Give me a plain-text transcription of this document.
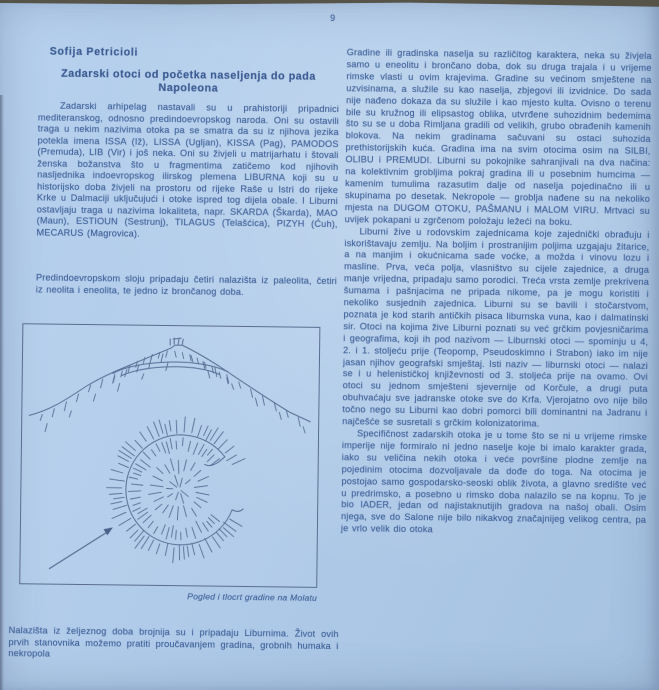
9
Sofija Petricioli
Zadarski otoci od početka naseljenja do pada Napoleona

Zadarski arhipelag nastavali su u prahistoriji pripadnici mediteranskog, odnosno predindoevropskog naroda. Oni su ostavili traga u nekim nazivima otoka pa se smatra da su iz njihova jezika potekla imena ISSA (Iž), LISSA (Ugljan), KISSA (Pag), PAMODOS (Premuda), LIB (Vir) i još neka. Oni su živjeli u matrijarhatu i štovali ženska božanstva što u fragmentima zatičemo kod njihovih nasljednika indoevropskog ilirskog plemena LIBURNA koji su u historijsko doba živjeli na prostoru od rijeke Raše u Istri do rijeke Krke u Dalmaciji uključujući i otoke ispred tog dijela obale. I Liburni ostavljaju traga u nazivima lokaliteta, napr. SKARDA (Škarda), MAO (Maun), ESTIOUN (Sestrunj), TILAGUS (Telašćica), PIZYH (Ćuh), MECARUS (Magrovica).

Predindoevropskom sloju pripadaju četiri nalazišta iz paleolita, četiri iz neolita i eneolita, te jedno iz brončanog doba.

Pogled i tlocrt gradine na Molatu

Nalazišta iz željeznog doba brojnija su i pripadaju Liburnima. Život ovih prvih stanovnika možemo pratiti proučavanjem gradina, grobnih humaka i nekropola

Gradine ili gradinska naselja su različitog karaktera, neka su živjela samo u eneolitu i brončano doba, dok su druga trajala i u vrijeme rimske vlasti u ovim krajevima. Gradine su većinom smještene na uzvisinama, a služile su kao naselja, zbjegovi ili izvidnice. Do sada nije nađeno dokaza da su služile i kao mjesto kulta. Ovisno o terenu bile su kružnog ili elipsastog oblika, utvrđene suhozidnim bedemima što su se u doba Rimljana gradili od velikih, grubo obrađenih kamenih blokova. Na nekim gradinama sačuvani su ostaci suhozida prethistorijskih kuća. Gradina ima na svim otocima osim na SILBI, OLIBU i PREMUDI. Liburni su pokojnike sahranjivali na dva načina: na kolektivnim grobljima pokraj gradina ili u posebnim humcima — kamenim tumulima razasutim dalje od naselja pojedinačno ili u skupinama po desetak. Nekropole — groblja nađene su na nekoliko mjesta na DUGOM OTOKU, PAŠMANU i MALOM VIRU. Mrtvaci su uvijek pokapani u zgrčenom položaju ležeći na boku.

Liburni žive u rodovskim zajednicama koje zajednički obrađuju i iskorištavaju zemlju. Na boljim i prostranijim poljima uzgajaju žitarice, a na manjim i okućnicama sade voćke, a možda i vinovu lozu i masline. Prva, veća polja, vlasništvo su cijele zajednice, a druga manje vrijedna, pripadaju samo porodici. Treća vrsta zemlje prekrivena šumama i pašnjacima ne pripada nikome, pa je mogu koristiti i nekoliko susjednih zajednica. Liburni su se bavili i stočarstvom, poznata je kod starih antičkih pisaca liburnska vuna, kao i dalmatinski sir. Otoci na kojima žive Liburni poznati su već grčkim povjesničarima i geografima, koji ih pod nazivom — Liburnski otoci — spominju u 4, 2. i 1. stoljeću prije (Teopomp, Pseudoskimno i Strabon) iako im nije jasan njihov geografski smještaj. Isti naziv — liburnski otoci — nalazi se i u helenističkoj književnosti od 3. stoljeća prije na ovamo. Ovi otoci su jednom smješteni sjevernije od Korčule, a drugi puta obuhvaćaju sve jadranske otoke sve do Krfa. Vjerojatno ovo nije bilo točno nego su Liburni kao dobri pomorci bili dominantni na Jadranu i najčešće se susretali s grčkim kolonizatorima.

Specifičnost zadarskih otoka je u tome što se ni u vrijeme rimske imperije nije formiralo ni jedno naselje koje bi imalo karakter grada, iako su veličina nekih otoka i veće površine plodne zemlje na pojedinim otocima dozvoljavale da dođe do toga. Na otocima je postojao samo gospodarsko-seoski oblik života, a glavno središte već u predrimsko, a posebno u rimsko doba nalazilo se na kopnu. To je bio IADER, jedan od najistaknutijih gradova na našoj obali. Osim njega, sve do Salone nije bilo nikakvog značajnijeg velikog centra, pa je vrlo velik dio otoka
